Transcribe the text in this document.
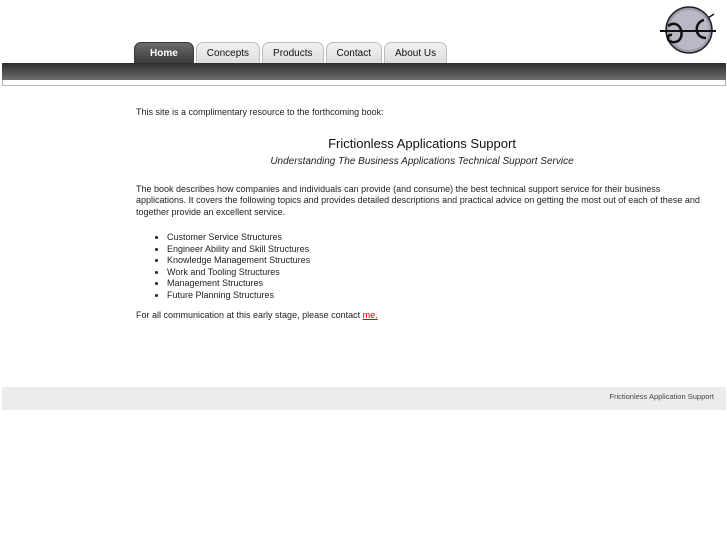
Home	Concepts	Products	Contact	About Us

This site is a complimentary resource to the forthcoming book:

Frictionless Applications Support
Understanding The Business Applications Technical Support Service

The book describes how companies and individuals can provide (and consume) the best technical support service for their business applications. It covers the following topics and provides detailed descriptions and practical advice on getting the most out of each of these and together provide an excellent service.

• Customer Service Structures
• Engineer Ability and Skill Structures
• Knowledge Management Structures
• Work and Tooling Structures
• Management Structures
• Future Planning Structures

For all communication at this early stage, please contact me.

Frictionless Application Support
